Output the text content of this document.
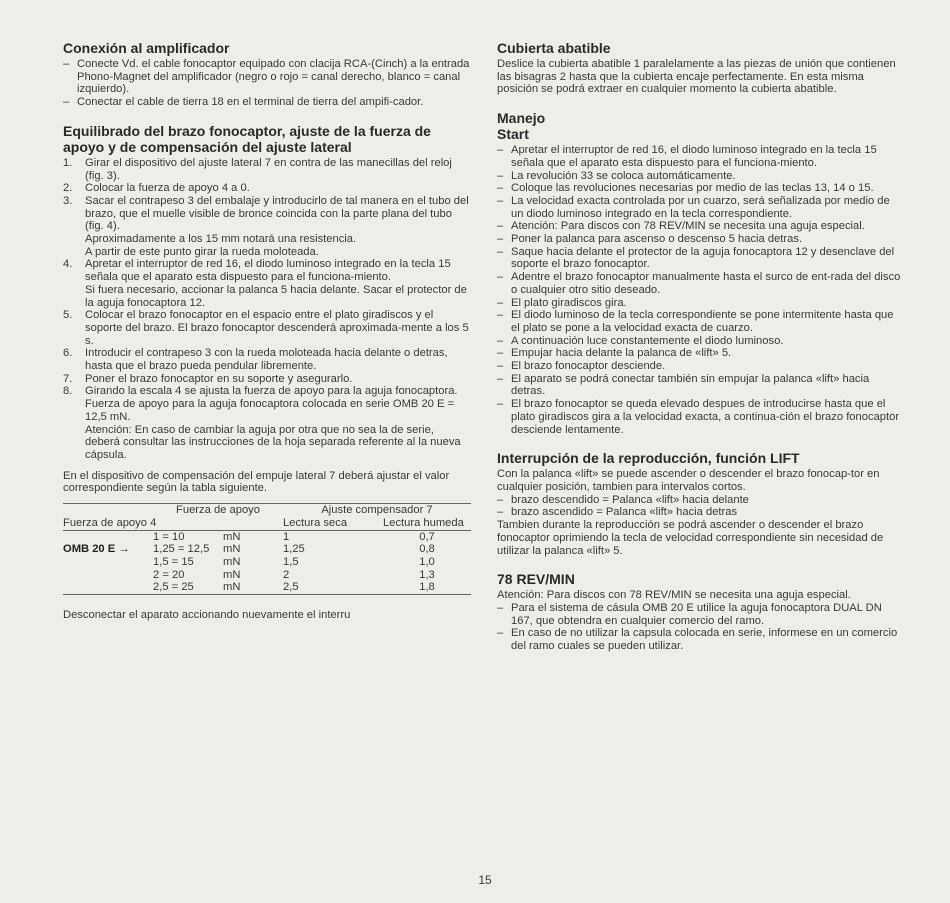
Conexión al amplificador
– Conecte Vd. el cable fonocaptor equipado con clacija RCA-(Cinch) a la entrada Phono-Magnet del amplificador (negro o rojo = canal derecho, blanco = canal izquierdo).
– Conectar el cable de tierra 18 en el terminal de tierra del ampifi-cador.
Equilibrado del brazo fonocaptor, ajuste de la fuerza de apoyo y de compensación del ajuste lateral
1. Girar el dispositivo del ajuste lateral 7 en contra de las manecillas del reloj (fig. 3).
2. Colocar la fuerza de apoyo 4 a 0.
3. Sacar el contrapeso 3 del embalaje y introducirlo de tal manera en el tubo del brazo, que el muelle visible de bronce coincida con la parte plana del tubo (fig. 4).
Aproximadamente a los 15 mm notará una resistencia.
A partir de este punto girar la rueda moloteada.
4. Apretar el interruptor de red 16, el diodo luminoso integrado en la tecla 15 señala que el aparato esta dispuesto para el funciona-miento.
Si fuera necesario, accionar la palanca 5 hacia delante. Sacar el protector de la aguja fonocaptora 12.
5. Colocar el brazo fonocaptor en el espacio entre el plato giradiscos y el soporte del brazo. El brazo fonocaptor descenderá aproximada-mente a los 5 s.
6. Introducir el contrapeso 3 con la rueda moloteada hacia delante o detras, hasta que el brazo pueda pendular libremente.
7. Poner el brazo fonocaptor en su soporte y asegurarlo.
8. Girando la escala 4 se ajusta la fuerza de apoyo para la aguja fonocaptora.
Fuerza de apoyo para la aguja fonocaptora colocada en serie OMB 20 E = 12,5 mN.
Atención: En caso de cambiar la aguja por otra que no sea la de serie, deberá consultar las instrucciones de la hoja separada referente al la nueva cápsula.

En el dispositivo de compensación del empuje lateral 7 deberá ajustar el valor correspondiente según la tabla siguiente.

	Fuerza de apoyo		Ajuste compensador 7	
Fuerza de apoyo 4			Lectura seca	Lectura humeda
	1 = 10	mN	1	0,7
OMB 20 E →	1,25 = 12,5	mN	1,25	0,8
	1,5 = 15	mN	1,5	1,0
	2 = 20	mN	2	1,3
	2,5 = 25	mN	2,5	1,8

Desconectar el aparato accionando nuevamente el interru

Cubierta abatible

Deslice la cubierta abatible 1 paralelamente a las piezas de unión que contienen las bisagras 2 hasta que la cubierta encaje perfectamente. En esta misma posición se podrá extraer en cualquier momento la cubierta abatible.

Manejo
Start
– Apretar el interruptor de red 16, el diodo luminoso integrado en la tecla 15 señala que el aparato esta dispuesto para el funciona-miento.
– La revolución 33 se coloca automáticamente.
– Coloque las revoluciones necesarias por medio de las teclas 13, 14 o 15.
– La velocidad exacta controlada por un cuarzo, será señalizada por medio de un diodo luminoso integrado en la tecla correspondiente.
– Atención: Para discos con 78 REV/MIN se necesita una aguja especial.
– Poner la palanca para ascenso o descenso 5 hacia detras.
– Saque hacia delante el protector de la aguja fonocaptora 12 y desenclave del soporte el brazo fonocaptor.
– Adentre el brazo fonocaptor manualmente hasta el surco de ent-rada del disco o cualquier otro sitio deseado.
– El plato giradiscos gira.
– El diodo luminoso de la tecla correspondiente se pone intermitente hasta que el plato se pone a la velocidad exacta de cuarzo.
– A continuación luce constantemente el diodo luminoso.
– Empujar hacia delante la palanca de «lift» 5.
– El brazo fonocaptor desciende.
– El aparato se podrá conectar también sin empujar la palanca «lift» hacia detras.
– El brazo fonocaptor se queda elevado despues de introducirse hasta que el plato giradiscos gira a la velocidad exacta, a continua-ción el brazo fonocaptor desciende lentamente.
Interrupción de la reproducción, función LIFT

Con la palanca «lift» se puede ascender o descender el brazo fonocap-tor en cualquier posición, tambien para intervalos cortos.

– brazo descendido = Palanca «lift» hacia delante
– brazo ascendido = Palanca «lift» hacia detras

Tambien durante la reproducción se podrá ascender o descender el brazo fonocaptor oprimiendo la tecla de velocidad correspondiente sin necesidad de utilizar la palanca «lift» 5.

78 REV/MIN

Atención: Para discos con 78 REV/MIN se necesita una aguja especial.

– Para el sistema de cásula OMB 20 E utilice la aguja fonocaptora DUAL DN 167, que obtendra en cualquier comercio del ramo.
– En caso de no utilizar la capsula colocada en serie, informese en un comercio del ramo cuales se pueden utilizar.
15
